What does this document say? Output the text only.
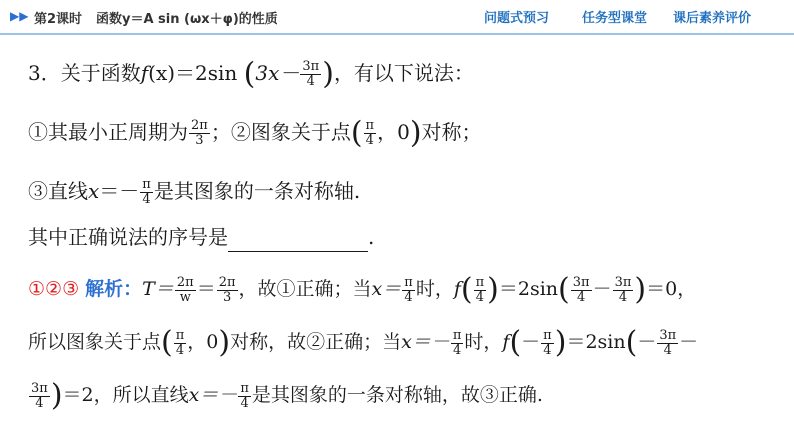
▶▶ 第2课时 函数y＝A sin (ωx＋φ)的性质	问题式预习	任务型课堂 课后素养评价
3．关于函数f(x)＝2sin ($3x- \frac{3\pi}{4}$ )，有以下说法：
①其最小正周期为 $\frac{2\pi}{3}$ ；②图象关于点( $\frac{\pi}{4}$ ，0)对称；
③直线$x=- \frac{\pi}{4}$ 是其图象的一条对称轴.
其中正确说法的序号是	.
①②③ 解析：$T= \frac{2\pi}{w} = \frac{2\pi}{3}$ ，故①正确；当$x= \frac{\pi}{4}$ 时，$f( \frac{\pi}{4} )=2\sin( \frac{3\pi}{4} - \frac{3\pi}{4} )=0$，
所以图象关于点( $\frac{\pi}{4}$ ，0)对称，故②正确；当$x=- \frac{\pi}{4}$ 时，$f(- \frac{\pi}{4} )=2\sin(- \frac{3\pi}{4}$ －
$\frac{3\pi}{4} )=2$，所以直线$x=- \frac{\pi}{4}$ 是其图象的一条对称轴，故③正确.
